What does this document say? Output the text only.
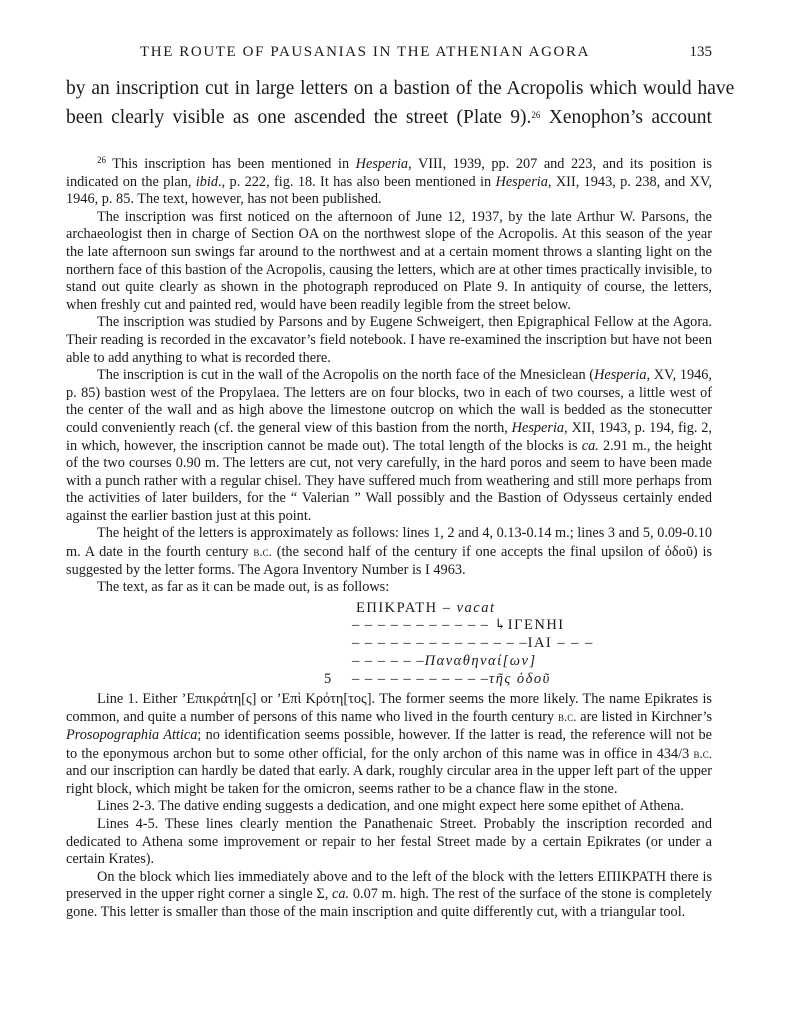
THE ROUTE OF PAUSANIAS IN THE ATHENIAN AGORA	135
by an inscription cut in large letters on a bastion of the Acropolis which would have
been clearly visible as one ascended the street (Plate 9).$^{26}$ Xenophon’s account

$^{26}$ This inscription has been mentioned in Hesperia, VIII, 1939, pp. 207 and 223, and its position is indicated on the plan, ibid., p. 222, fig. 18. It has also been mentioned in Hesperia, XII, 1943, p. 238, and XV, 1946, p. 85. The text, however, has not been published.

The inscription was first noticed on the afternoon of June 12, 1937, by the late Arthur W. Parsons, the archaeologist then in charge of Section OA on the northwest slope of the Acropolis. At this season of the year the late afternoon sun swings far around to the northwest and at a certain moment throws a slanting light on the northern face of this bastion of the Acropolis, causing the letters, which are at other times practically invisible, to stand out quite clearly as shown in the photograph reproduced on Plate 9. In antiquity of course, the letters, when freshly cut and painted red, would have been readily legible from the street below.

The inscription was studied by Parsons and by Eugene Schweigert, then Epigraphical Fellow at the Agora. Their reading is recorded in the excavator’s field notebook. I have re-examined the inscription but have not been able to add anything to what is recorded there.

The inscription is cut in the wall of the Acropolis on the north face of the Mnesiclean (Hesperia, XV, 1946, p. 85) bastion west of the Propylaea. The letters are on four blocks, two in each of two courses, a little west of the center of the wall and as high above the limestone outcrop on which the wall is bedded as the stonecutter could conveniently reach (cf. the general view of this bastion from the north, Hesperia, XII, 1943, p. 194, fig. 2, in which, however, the inscription cannot be made out). The total length of the blocks is ca. 2.91 m., the height of the two courses 0.90 m. The letters are cut, not very carefully, in the hard poros and seem to have been made with a punch rather with a regular chisel. They have suffered much from weathering and still more perhaps from the activities of later builders, for the “ Valerian ” Wall possibly and the Bastion of Odysseus certainly ended against the earlier bastion just at this point.

The height of the letters is approximately as follows: lines 1, 2 and 4, 0.13-0.14 m.; lines 3 and 5, 0.09-0.10 m. A date in the fourth century b.c. (the second half of the century if one accepts the final upsilon of ὁδοῦ) is suggested by the letter forms. The Agora Inventory Number is I 4963.

The text, as far as it can be made out, is as follows:

ΕΠΙΚΡΑΤΗ – vacat
– – – – – – – – – – – ↳ΙΓΕΝΗΙ
– – – – – – – – – – – – – –ΙΑΙ – – –
– – – – – –Παναθηναί[ων]
5 – – – – – – – – – – –τῆς ὁδοῦ

Line 1. Either ’Επικράτη[ς] or ’Επὶ Κρότη[τος]. The former seems the more likely. The name Epikrates is common, and quite a number of persons of this name who lived in the fourth century b.c. are listed in Kirchner’s Prosopographia Attica; no identification seems possible, however. If the latter is read, the reference will not be to the eponymous archon but to some other official, for the only archon of this name was in office in 434/3 b.c. and our inscription can hardly be dated that early. A dark, roughly circular area in the upper left part of the upper right block, which might be taken for the omicron, seems rather to be a chance flaw in the stone.

Lines 2-3. The dative ending suggests a dedication, and one might expect here some epithet of Athena.

Lines 4-5. These lines clearly mention the Panathenaic Street. Probably the inscription recorded and dedicated to Athena some improvement or repair to her festal Street made by a certain Epikrates (or under a certain Krates).

On the block which lies immediately above and to the left of the block with the letters ΕΠΙΚΡΑΤΗ there is preserved in the upper right corner a single Σ, ca. 0.07 m. high. The rest of the surface of the stone is completely gone. This letter is smaller than those of the main inscription and quite differently cut, with a triangular tool.
